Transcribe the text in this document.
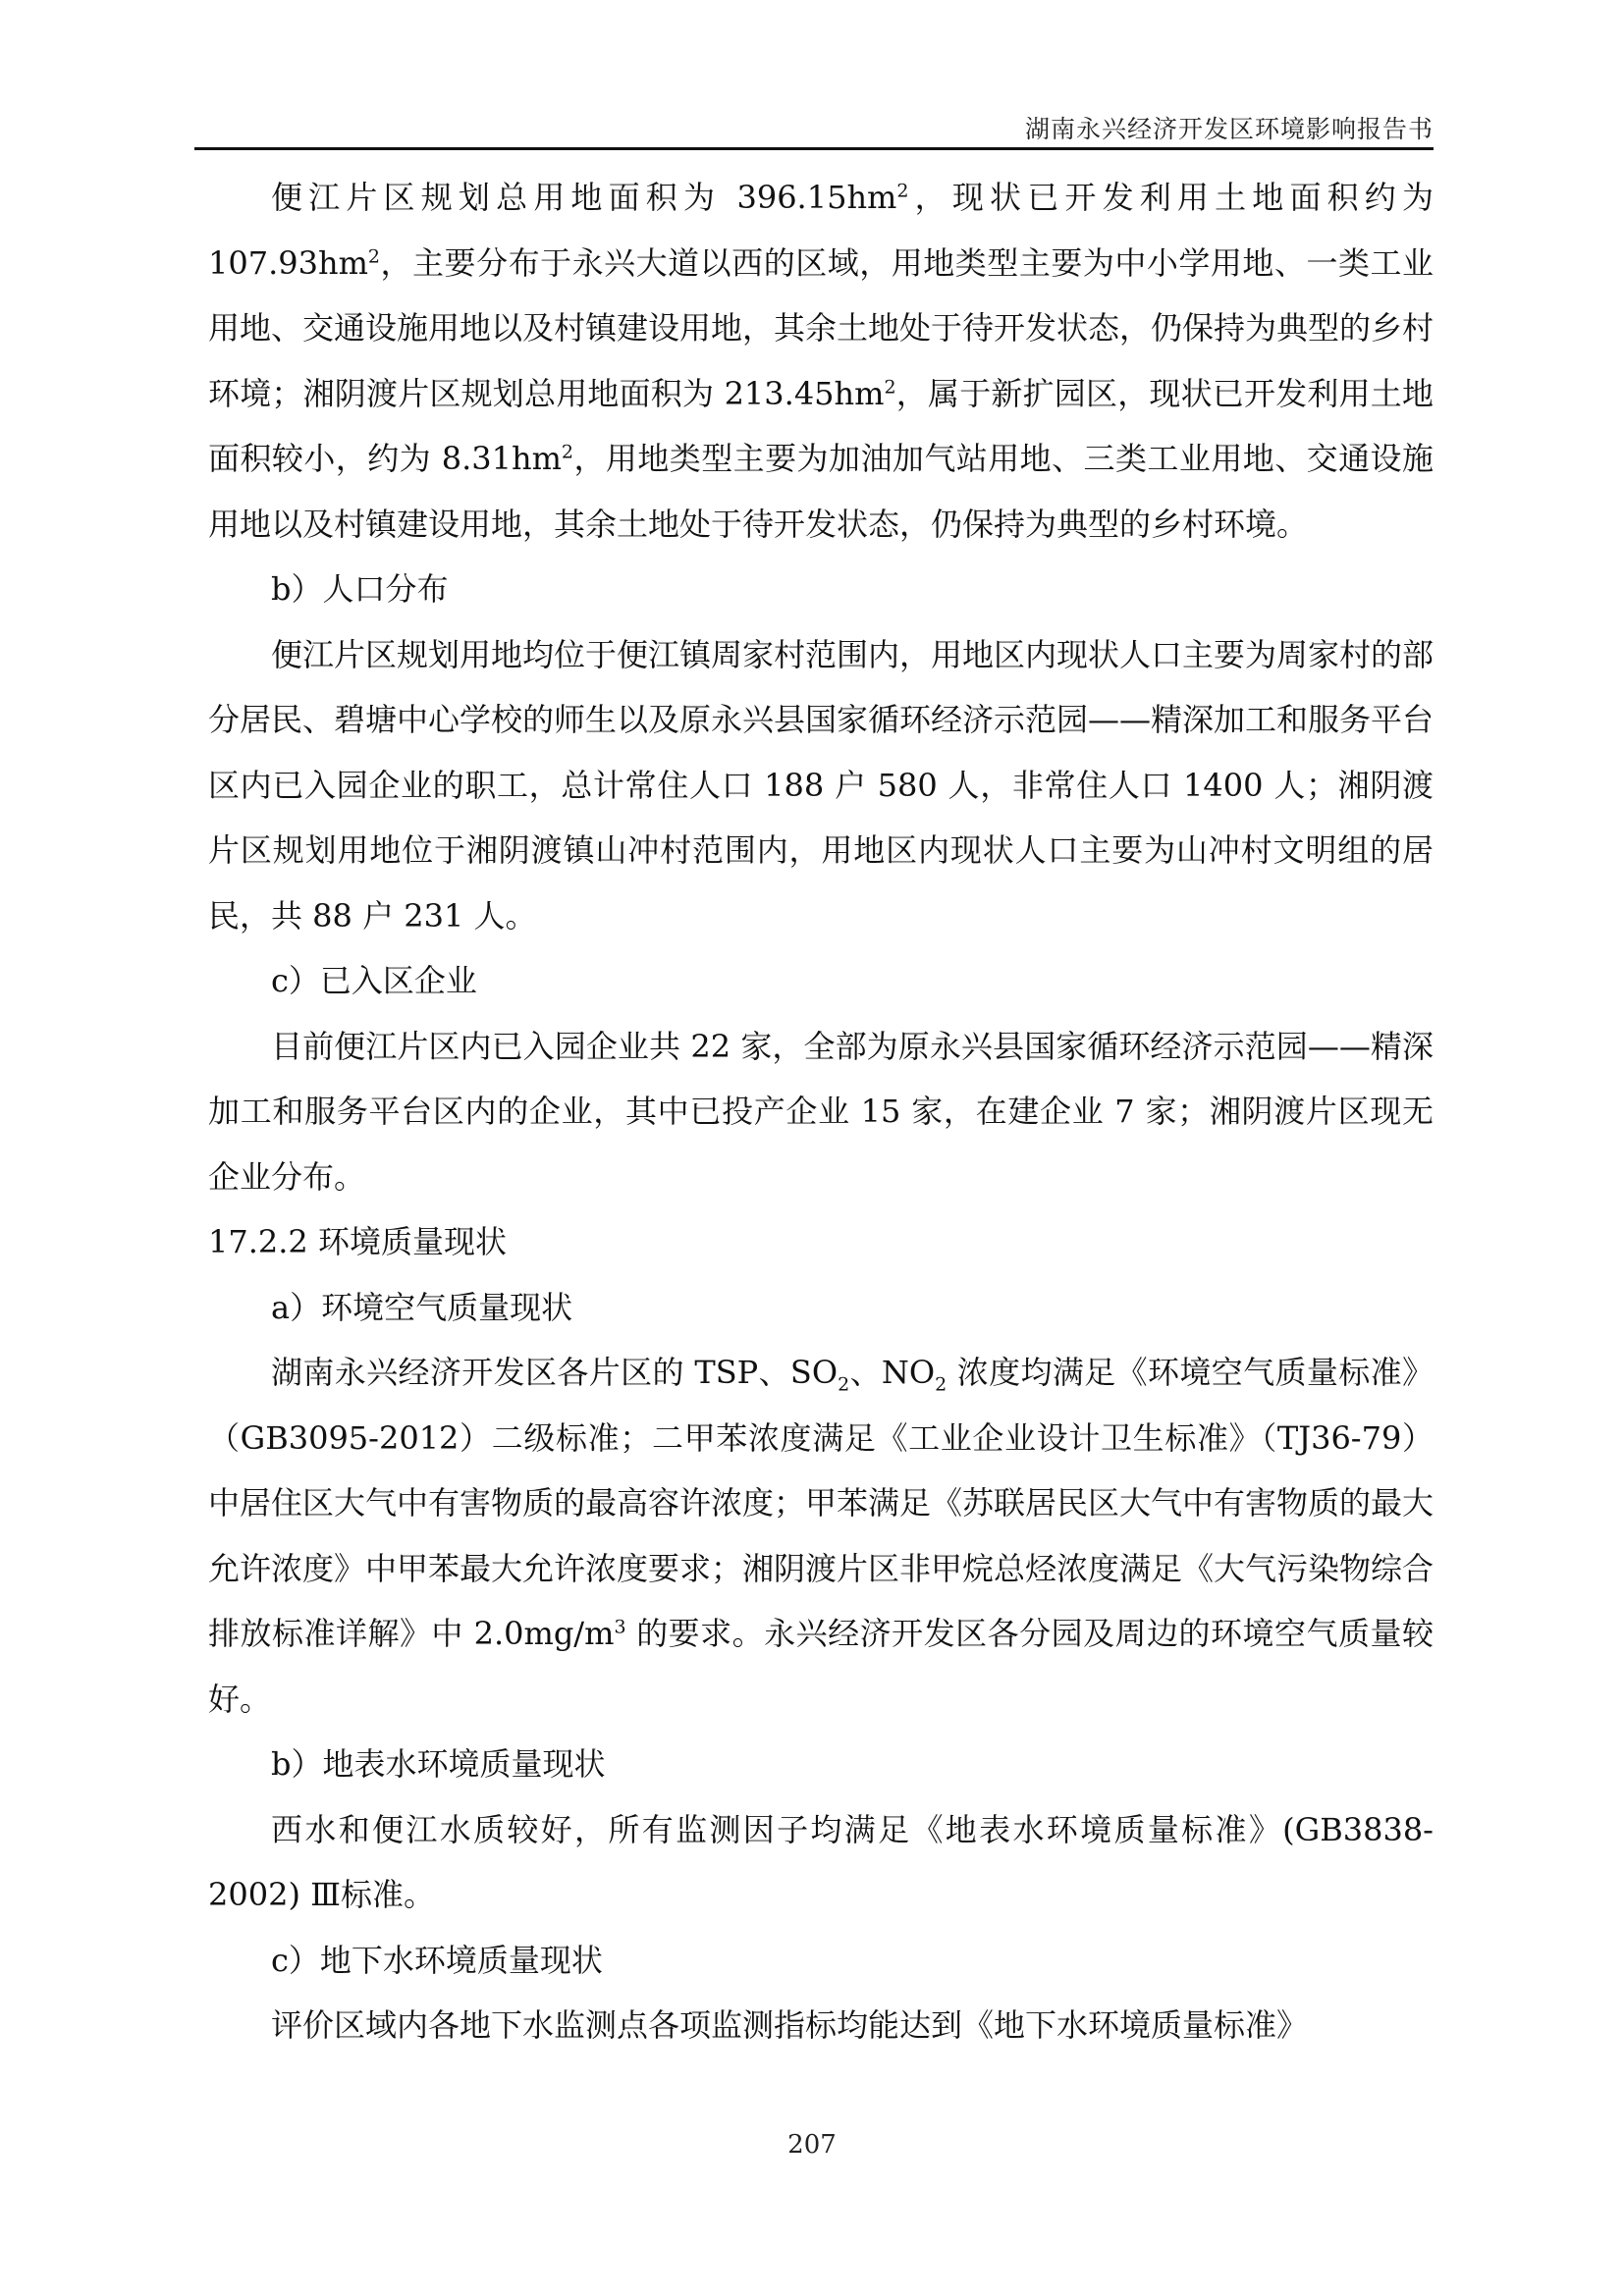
湖南永兴经济开发区环境影响报告书

便江片区规划总用地面积为 $396.15hm^2$，现状已开发利用土地面积约为 $107.93hm^2$，主要分布于永兴大道以西的区域，用地类型主要为中小学用地、一类工业用地、交通设施用地以及村镇建设用地，其余土地处于待开发状态，仍保持为典型的乡村环境；湘阴渡片区规划总用地面积为 $213.45hm^2$，属于新扩园区，现状已开发利用土地面积较小，约为 $8.31hm^2$，用地类型主要为加油加气站用地、三类工业用地、交通设施用地以及村镇建设用地，其余土地处于待开发状态，仍保持为典型的乡村环境。

b）人口分布

便江片区规划用地均位于便江镇周家村范围内，用地区内现状人口主要为周家村的部分居民、碧塘中心学校的师生以及原永兴县国家循环经济示范园——精深加工和服务平台区内已入园企业的职工，总计常住人口 188 户 580 人，非常住人口 1400 人；湘阴渡片区规划用地位于湘阴渡镇山冲村范围内，用地区内现状人口主要为山冲村文明组的居民，共 88 户 231 人。

c）已入区企业

目前便江片区内已入园企业共 22 家，全部为原永兴县国家循环经济示范园——精深加工和服务平台区内的企业，其中已投产企业 15 家，在建企业 7 家；湘阴渡片区现无企业分布。

17.2.2 环境质量现状

a）环境空气质量现状

湖南永兴经济开发区各片区的 TSP、$SO_2$、$NO_2$ 浓度均满足《环境空气质量标准》（GB3095-2012）二级标准；二甲苯浓度满足《工业企业设计卫生标准》（TJ36-79）中居住区大气中有害物质的最高容许浓度；甲苯满足《苏联居民区大气中有害物质的最大允许浓度》中甲苯最大允许浓度要求；湘阴渡片区非甲烷总烃浓度满足《大气污染物综合排放标准详解》中 $2.0mg/m^3$ 的要求。永兴经济开发区各分园及周边的环境空气质量较好。

b）地表水环境质量现状

西水和便江水质较好，所有监测因子均满足《地表水环境质量标准》(GB3838-2002) Ⅲ标准。

c）地下水环境质量现状

评价区域内各地下水监测点各项监测指标均能达到《地下水环境质量标准》

207
